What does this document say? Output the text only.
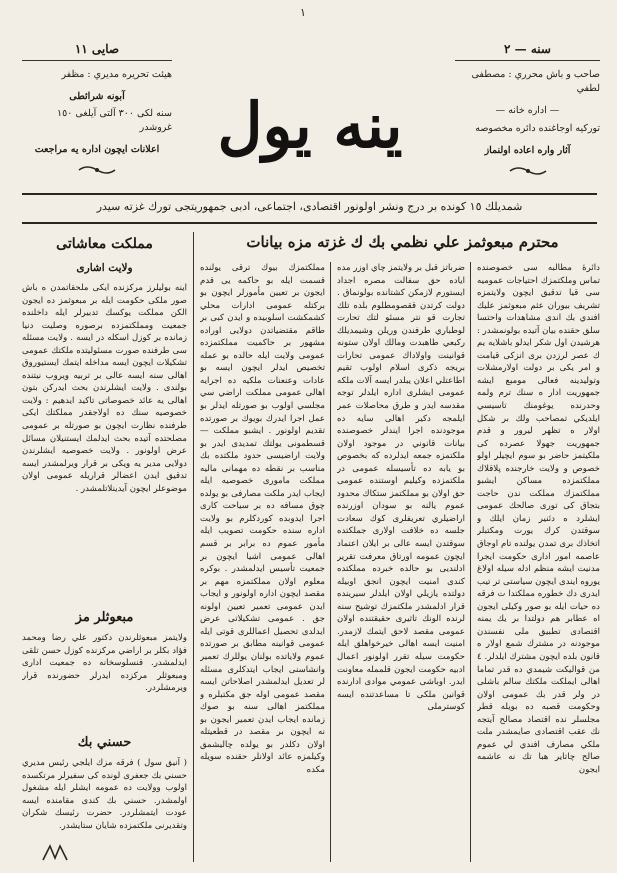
١
سنه — ٢
صاحب و باش محرري : مصطفى لطفي
— اداره خانه —
توركيه اوجاغنده دائره مخصوصه
آثار واره اعاده اولنماز
صايى ١١
هيئت تحريره مديري : مظفر
آبونه شرائطى
سنه لكى ٣٠٠ آلتى آيلغى ١٥٠ غروشدر
اعلانات ايچون اداره يه مراجعت ينه يول
شمديلك ١٥ كونده بر درج ونشر اولونور اقتصادى، اجتماعى، ادبى جمهوريتجى تورك غزته سيدر
محترم مبعوثمز علي نظمي بك ك غزته مزه بيانات

دائرهٔ مطالبه سى خصوصنده تماس وملكتمزك احتياجات عموميه سى قيا تدقيق ايچون ولايتمزه تشريف بيوران عثم مبعوثمز عليك افندي بك اندى مشاهدات واحتسا سلق حقنده بيان آتيده بولونمشدر : هرشيدن اول شكر ايدلو باشلايه يم ك عصر لرزدن برى انزكى قيامت و امر يكى بر دولت اولارمشلات وتوليدينه فعالى مومبع ايشه جمهوريت ادار ه سنك ترم ولمه وحدرنده يوغومنك تاسيسي ايلديكي تمصاحب ولك بر شكل اولار ه تظهر ليرور و قدم جمهوريت جهولا عصرده كى ملكيتمز حاضر بو سوم ايچيلر اولو خصوص و ولايت خارجنده پلاقلاك مملكتمزده مساكن ايشبو مملكتمزك مملكت ندن حاجت بتجاق كى تورى صالحك عمومى ايشلرد ه دئنير زمان ايلك و سوقتدن كرك يورت ومكتبلر اتخاذك برى تمدن يولنده تام اوجاق عاصمه امور ادارى حكومت ايجرا مدنيت ايشه منظم ادله سيله اولاغ يوروه ايندى ايچون سياستى تر تيب ايدرى دك خطوره مملكتدا ت فرقه ده حيات ايله بو صور وكيلى ايجون اه عطابر هم دولتدا بر يك يمنه اقتصادى تطبيق ملى نفسندن موجودنه در مشترك شمع اولار ه قانون بلده ايچون مشترك ايلدلر. ٤ من قواليكت شيمدي ده قدر تماما اهالى ايملكت ملكتك سالم باشلى در ولر قدر بك عمومى اولان وحكومت قصبه ده بويله قطر مجلسلر نده اقتصاد مصالح آيتجه نك عقب اقتصادى صايمشدر ملت ملكي مصارف افندي لي عموم صالح چاتاير هبا تك نه عاشمه ايجون

ضرباتز قبل بر ولايتمز چاي اوزر مده اياده حق سفالت مصره اجداد ايستورم لازمكن كشتانده بولونماق . دولت كرتدن ققصومطلوم بلده تلك تجارت قو نتر مسئو لتك تحارت لوطباري طرفندن وريلن وشيمديلك ركبعي طاهبدت ومالك اولان ستونه قوانينت واولاداك عمومى تحارات بريجه ذكرى اسلام اولوب تقيم اطاعتلي اعلان يبلدر ايسه آلات ملكه عمومى ايشلرى اداره ايلدلر توجه مقدسه ايدر و طرق محاصلات عمر ايلمجه دكير اهالى سايه ده موجودنده اجرا ايندلر خصوصنده بيانات قانوني در موجود اولان ملكتمزه جمعه ايدلرده كه بخصوص بو يابه ده تأسيسله عمومى در ملكتمزده وكيليم اوستنده عمومى حق اولان بو مملكتمز ستكاك محدود عموم يالنه بو سودان اوزرنده اراضيلري تعريفلرى كوك سعادت جلسه ده خلافت اولارى جملكتده سوقتدن ايسه عالى بر ايلان اعتماد ايچون عمومه اورتاق معرفت تقرير ادلنديى بو حالده خبرده مملكتده كندى امنيت ايچون انجق اوبيله دولتده يازيلي اولان ايلدلر سيرينده قرار ادلمشدر ملكتمزك توشيح سنه لرنده الونك تاثيرى حقيقتنده اولان عمومى مقصد لاحق ايتمك لازمدر. امنيت ايسه اهالى خيرخواهلق ايله حكومت سيله تقرر اولونور اعمال ادبيه حكومت ايجون قلممله معاونت ايدر. اوباشى عمومي موادى ادارنده قوانين ملكى تا مساعدتنده ايسه كوسترملى

مملكتمزك بيوك ترقى يولنده قسمت ايله بو حاكمه يى قدم ايجون بر تعيين مأمورلر ايچون بو بركتله عمومى ادارات محلي كشمكشت اسلوبيده و ايدن كبى بر طاقم مقتضياتدن دولايى اوراده مشهور بر حاكميت مملكتمزده عمومى ولايت ايله حالده بو عمله تخصيص ايدلر ايچون ايسه بو عادات وعنعنات ملكيه ده اجرايه اهالى عمومى مملكت اراضي سي مجلسي اولوب بو صورتله ايدلر بو عمل اجرا ايدرك بويوك بر صورتده تقديم اولونور . ايشبو مملكت — قسطمونى يولتك تمديدى ايدر بو ولايت اراضيسى حدود ملكتده بك مناسب بر نقطه ده مهمانى ماليه مملكت مامورى خصوصيه ايله ايجاب ايدر ملكت مصارفى بو يولده چوق مسافه ده بر سياحت كارى اجرا ايدوبده كوردكلرم بو ولايت اداره سنده حكومت تصويب ايله مأمور عموم ده برابر بر قسم اهالى عمومى اشيا ايچون بر جمعيت تأسيس ايدلمشدر . بوكره معلوم اولان مملكتمزه مهم بر مقصد ايچون اداره اولونور و ايجاب ايدن عمومى تعمير تعيين اولونه جق . عمومى تشكيلاتى عرض ايدلدى تحصيل اعماللرى قوتى ايله عمومى قوانينه مطابق بر صورتده عموم ولاياتده بولنان يوللرك تعمير وانشاسنى ايجاب ايتدكلرى مسئله لر تعديل ايدلمشدر اصلاحاتن ايسه مقصد عمومى اوله جق مكتبلره و مملكتمز اهالى سنه بو صوك زمانده ايجاب ايدن تعمير ايجون بو نه ايچون بر مقصد در قطعيتله اولان دكلدر بو يولده چاليشمق وكيلمزه عائد اولانلر حقنده سويله مكده

مملكت معاشاتى
ولايت اشارى

اينه بوليلرز مركزنده ايكى ملحقاتمدن ه باش صور ملكى حكومت ايله بر مبعوثمز ده ايجون الكن مملكت يوكسك تدبيرلر ايله داخلنده جمعيت ومملكتمزده برصوره وصليت دنيا زمانده بر كوزل اسكله در ايسه . ولايت مسئله سى طرفنده صورت مسئوليتده ملكتك عمومى تشكيلات ايچون ايسه مداخله ايتمك ايستيوروق اهالى سنه ايسه عالى بر تربيه ويروب نيتنده بولندى . ولايت ايشلرندن بحث ايدركن بتون اهالى يه عائد خصوصاتى تاكيد ايدهيم : ولايت خصوصيه سنك ده اولاجقدر مملكتك ايكى طرفنده نظارت ايچون بو صورتله بر عمومى مصلحتده آتيده بحث ايدلمك ايستنيلان مسائل عرض اولونور . ولايت خصوصيه ايشلرندن دولايى مدير يه ويكى بر قرار ويرلمشدر ايسه تدقيق ايدن اعضالر قراريله عمومى اولان موضوعلر ايچون آيدينلاتلمشدر .

مبعوثلر مز

ولايتمز مبعوثلرندن دكتور علي رضا ومحمد فؤاد بكلر بر اراضي مركزنده كوزل حسن تلقى ايدلمشدر. قنسلوسخانه ده جمعيت ادارى ومبعوثلر مركزده ايدرلر حضورنده قرار ويرمشلردر.

حسني بك

( آنيق سول ) فرقه مزك ايلجي رئيس مديري حسني بك جعفرى لونده كى سفيرلر مرتكسده اولوب وولايت ده عمومه ايشلر ايله مشغول اولمشدر. حسني بك كندى مقامنده ايسه عودت ايتمشلردر. حضرت رئيسك شكران وتقديرنى ملكتمزده شايان ستايشدر.
